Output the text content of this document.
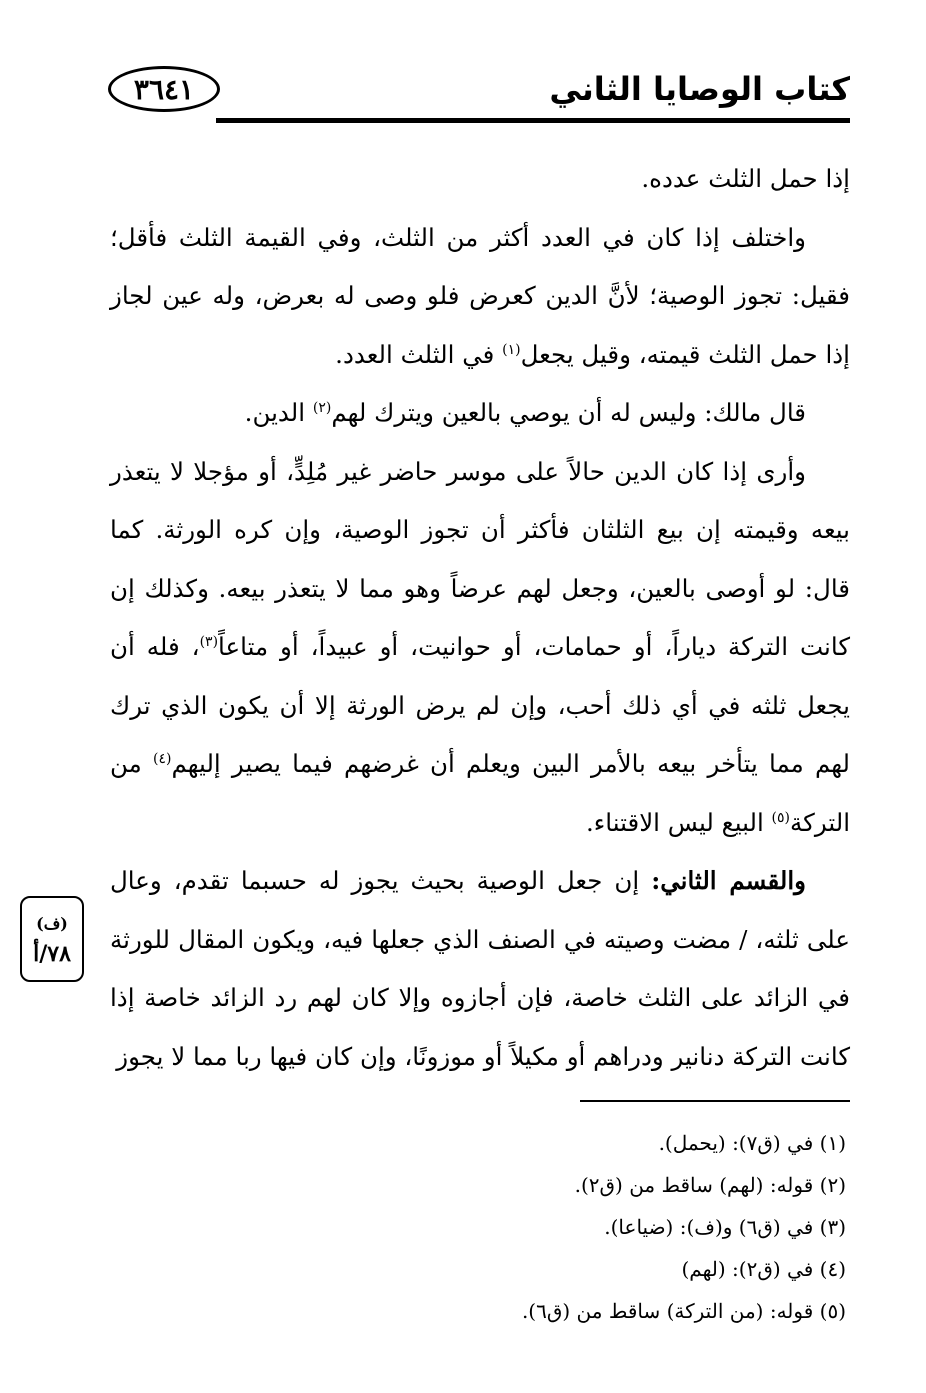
٣٦٤١	كتاب الوصايا الثاني
(ف)
٧٨/أ

إذا حمل الثلث عدده.

واختلف إذا كان في العدد أكثر من الثلث، وفي القيمة الثلث فأقل؛ فقيل: تجوز الوصية؛ لأنَّ الدين كعرض فلو وصى له بعرض، وله عين لجاز إذا حمل الثلث قيمته، وقيل يجعل$^{(١)}$ في الثلث العدد.

قال مالك: وليس له أن يوصي بالعين ويترك لهم$^{(٢)}$ الدين.

وأرى إذا كان الدين حالاً على موسر حاضر غير مُلِدٍّ، أو مؤجلا لا يتعذر بيعه وقيمته إن بيع الثلثان فأكثر أن تجوز الوصية، وإن كره الورثة. كما قال: لو أوصى بالعين، وجعل لهم عرضاً وهو مما لا يتعذر بيعه. وكذلك إن كانت التركة دياراً، أو حمامات، أو حوانيت، أو عبيداً، أو متاعاً$^{(٣)}$، فله أن يجعل ثلثه في أي ذلك أحب، وإن لم يرض الورثة إلا أن يكون الذي ترك لهم مما يتأخر بيعه بالأمر البين ويعلم أن غرضهم فيما يصير إليهم$^{(٤)}$ من التركة$^{(٥)}$ البيع ليس الاقتناء.

والقسم الثاني: إن جعل الوصية بحيث يجوز له حسبما تقدم، وعال على ثلثه، / مضت وصيته في الصنف الذي جعلها فيه، ويكون المقال للورثة في الزائد على الثلث خاصة، فإن أجازوه وإلا كان لهم رد الزائد خاصة إذا كانت التركة دنانير ودراهم أو مكيلاً أو موزونًا، وإن كان فيها ربا مما لا يجوز

(١) في (ق٧): (يحمل).

(٢) قوله: (لهم) ساقط من (ق٢).

(٣) في (ق٦) و(ف): (ضياعا).

(٤) في (ق٢): (لهم)

(٥) قوله: (من التركة) ساقط من (ق٦).
